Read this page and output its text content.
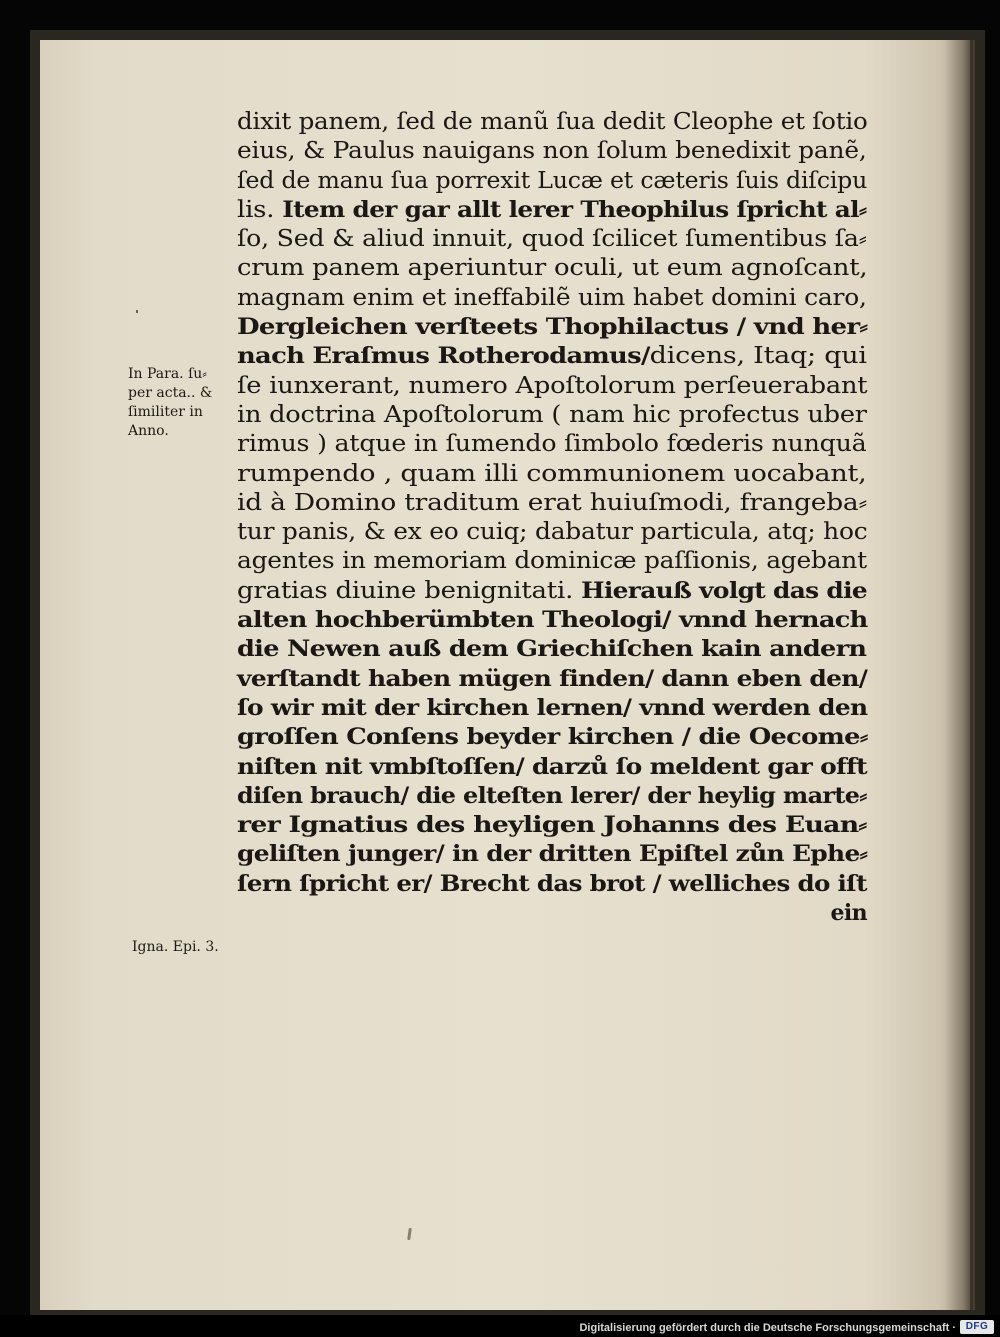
dixit panem, ſed de manũ ſua dedit Cleophe et ſotio
eius, & Paulus nauigans non ſolum benedixit panẽ,
ſed de manu ſua porrexit Lucæ et cæteris ſuis diſcipu
lis. Item der gar allt lerer Theophilus ſpricht al⸗
ſo, Sed & aliud innuit, quod ſcilicet ſumentibus ſa⸗
crum panem aperiuntur oculi, ut eum agnoſcant,
magnam enim et ineffabilẽ uim habet domini caro,
Dergleichen verſteets Thophilactus / vnd her⸗
nach Eraſmus Rotherodamus/dicens, Itaq; qui
ſe iunxerant, numero Apoſtolorum perſeuerabant
in doctrina Apoſtolorum ( nam hic profectus uber
rimus ) atque in ſumendo ſimbolo fœderis nunquã
rumpendo , quam illi communionem uocabant,
id à Domino traditum erat huiuſmodi, frangeba⸗
tur panis, & ex eo cuiq; dabatur particula, atq; hoc
agentes in memoriam dominicæ paſſionis, agebant
gratias diuine benignitati. Hierauß volgt das die
alten hochberümbten Theologi/ vnnd hernach
die Newen auß dem Griechiſchen kain andern
verſtandt haben mügen finden/ dann eben den/
ſo wir mit der kirchen lernen/ vnnd werden den
groſſen Conſens beyder kirchen / die Oecome⸗
niſten nit vmbſtoſſen/ darzů ſo meldent gar offt
diſen brauch/ die elteſten lerer/ der heylig marte⸗
rer Ignatius des heyligen Johanns des Euan⸗
geliſten junger/ in der dritten Epiſtel zůn Ephe⸗
ſern ſpricht er/ Brecht das brot / welliches do iſt
ein
In Para. ſu⸗
per acta.. &
ſimiliter in
Anno.
Igna. Epi. 3.
Digitalisierung gefördert durch die Deutsche Forschungsgemeinschaft · DFG
